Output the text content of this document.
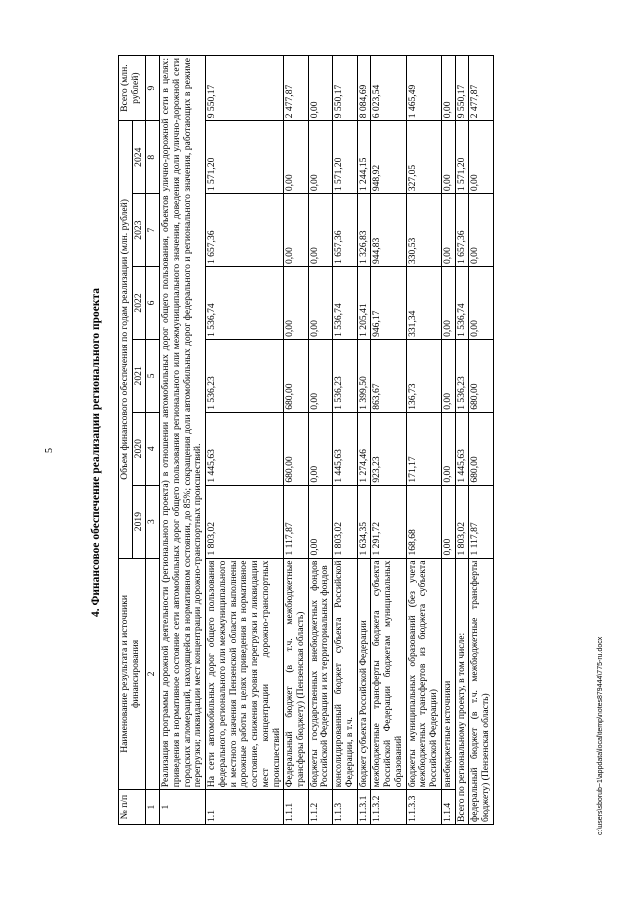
5	4. Финансовое обеспечение реализации регионального проекта
№ п/п	Наименование результата и источники финансирования	Объем финансового обеспечения по годам реализации (млн. рублей)						Всего (млн. рублей)
		2019	2020	2021	2022	2023	2024	
1	2	3	4	5	6	7	8	9
1	Реализация программы дорожной деятельности (регионального проекта) в отношении автомобильных дорог общего пользования, объектов улично-дорожной сети в целях: приведения в нормативное состояние сети автомобильных дорог общего пользования регионального или межмуниципального значения, доведения доли улично-дорожной сети городских агломераций, находящейся в нормативном состоянии, до 85%; сокращения доли автомобильных дорог федерального и регионального значения, работающих в режиме перегрузки; ликвидации мест концентрации дорожно-транспортных происшествий.							
1.1	На сети автомобильных дорог общего пользования федерального, регионального или межмуниципального и местного значения Пензенской области выполнены дорожные работы в целях приведения в нормативное состояние, снижения уровня перегрузки и ликвидации мест концентрации дорожно-транспортных происшествий	1 803,02	1 445,63	1 536,23	1 536,74	1 657,36	1 571,20	9 550,17
1.1.1	Федеральный бюджет (в т.ч. межбюджетные трансферы бюджету) (Пензенская область)	1 117,87	680,00	680,00	0,00	0,00	0,00	2 477,87
1.1.2	бюджеты государственных внебюджетных фондов Российской Федерации и их территориальных фондов	0,00	0,00	0,00	0,00	0,00	0,00	0,00
1.1.3	консолидированный бюджет субъекта Российской Федерации, в т.ч.	1 803,02	1 445,63	1 536,23	1 536,74	1 657,36	1 571,20	9 550,17
1.1.3.1	бюджет субъекта Российской Федерации	1 634,35	1 274,46	1 399,50	1 205,41	1 326,83	1 244,15	8 084,69
1.1.3.2	межбюджетные трансферты бюджета субъекта Российской Федерации бюджетам муниципальных образований	1 291,72	923,23	863,67	946,17	944,83	948,92	6 023,54
1.1.3.3	бюджеты муниципальных образований (без учета межбюджетных трансфертов из бюджета субъекта Российской Федерации)	168,68	171,17	136,73	331,34	330,53	327,05	1 465,49
1.1.4	внебюджетные источники	0,00	0,00	0,00	0,00	0,00	0,00	0,00
Всего по региональному проекту, в том числе:		1 803,02	1 445,63	1 536,23	1 536,74	1 657,36	1 571,20	9 550,17
федеральный бюджет (в т.ч. межбюджетные трансферты бюджету) (Пензенская область)		1 117,87	680,00	680,00	0,00	0,00	0,00	2 477,87
c:\users\sborub~1\appdata\local\temp\notes879444\775-ru.docx
